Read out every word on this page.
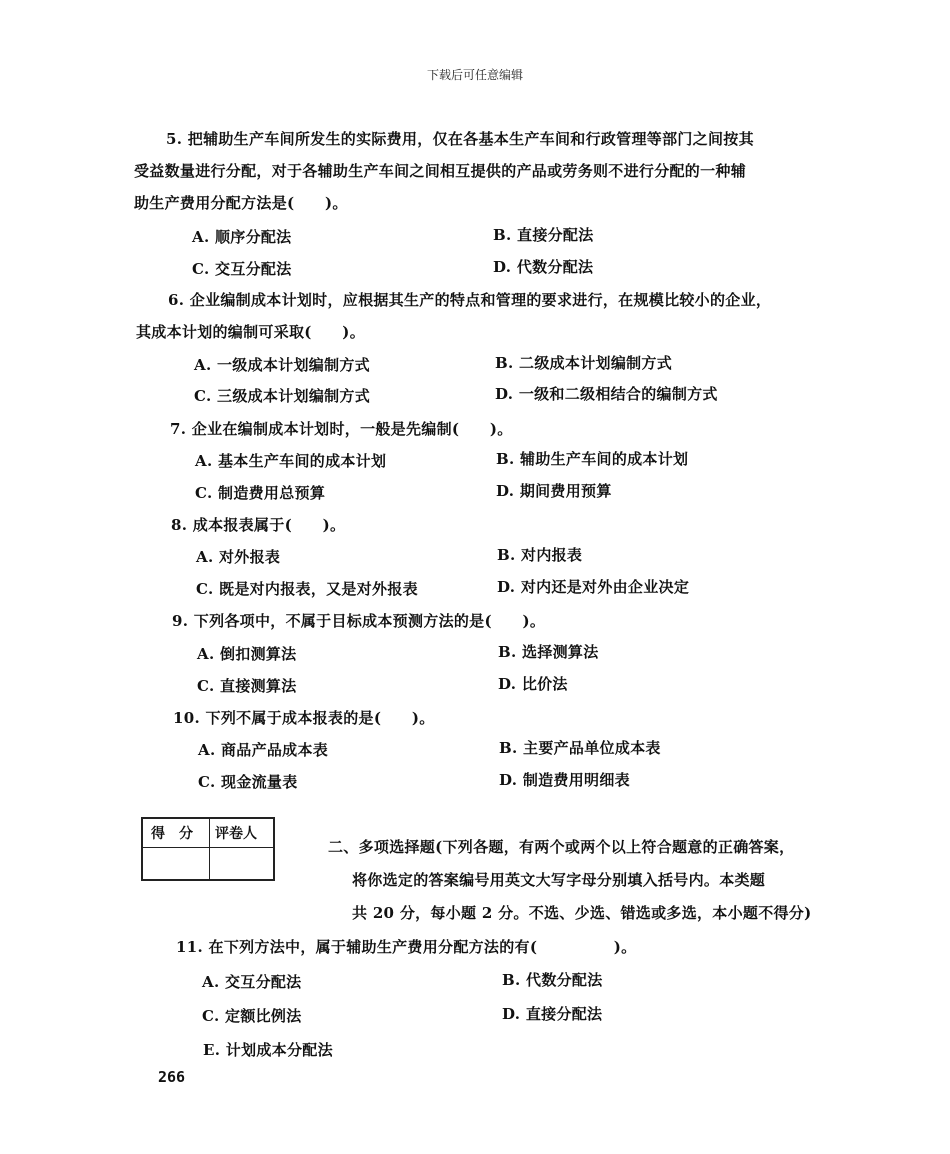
下载后可任意编辑
5. 把辅助生产车间所发生的实际费用，仅在各基本生产车间和行政管理等部门之间按其
受益数量进行分配，对于各辅助生产车间之间相互提供的产品或劳务则不进行分配的一种辅
助生产费用分配方法是(　　)。
A. 顺序分配法	B. 直接分配法
C. 交互分配法	D. 代数分配法
6. 企业编制成本计划时，应根据其生产的特点和管理的要求进行，在规模比较小的企业，
其成本计划的编制可采取(　　)。
A. 一级成本计划编制方式	B. 二级成本计划编制方式
C. 三级成本计划编制方式	D. 一级和二级相结合的编制方式
7. 企业在编制成本计划时，一般是先编制(　　)。
A. 基本生产车间的成本计划	B. 辅助生产车间的成本计划
C. 制造费用总预算	D. 期间费用预算
8. 成本报表属于(　　)。
A. 对外报表	B. 对内报表
C. 既是对内报表，又是对外报表	D. 对内还是对外由企业决定
9. 下列各项中，不属于目标成本预测方法的是(　　)。
A. 倒扣测算法	B. 选择测算法
C. 直接测算法	D. 比价法
10. 下列不属于成本报表的是(　　)。
A. 商品产品成本表	B. 主要产品单位成本表
C. 现金流量表	D. 制造费用明细表
得　分 评卷人
二、多项选择题(下列各题，有两个或两个以上符合题意的正确答案，
将你选定的答案编号用英文大写字母分别填入括号内。本类题
共 20 分，每小题 2 分。不选、少选、错选或多选，本小题不得分)
11. 在下列方法中，属于辅助生产费用分配方法的有(　　　　　)。
A. 交互分配法	B. 代数分配法
C. 定额比例法	D. 直接分配法
E. 计划成本分配法
266
